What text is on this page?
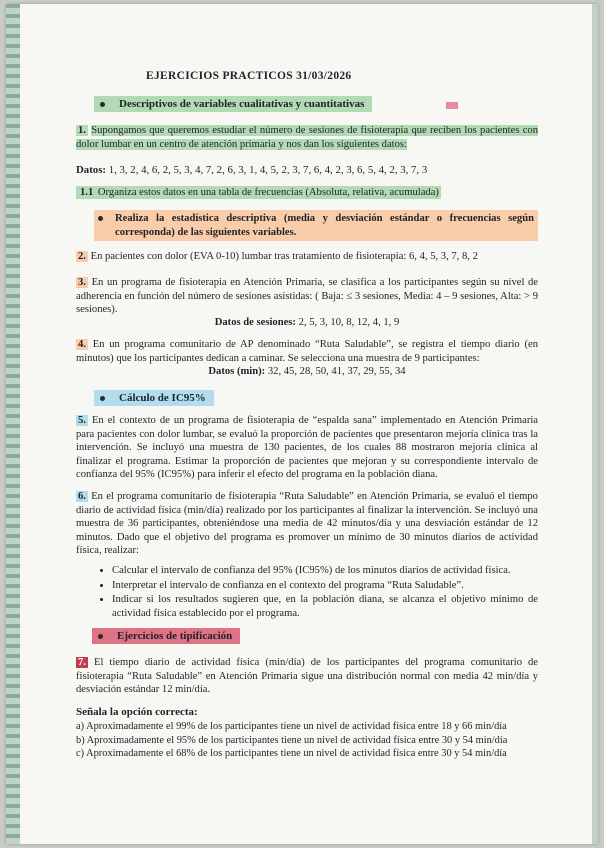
EJERCICIOS PRACTICOS 31/03/2026
Descriptivos de variables cualitativas y cuantitativas
1. Supongamos que queremos estudiar el número de sesiones de fisioterapia que reciben los pacientes con dolor lumbar en un centro de atención primaria y nos dan los siguientes datos:
Datos: 1, 3, 2, 4, 6, 2, 5, 3, 4, 7, 2, 6, 3, 1, 4, 5, 2, 3, 7, 6, 4, 2, 3, 6, 5, 4, 2, 3, 7, 3
1.1 Organiza estos datos en una tabla de frecuencias (Absoluta, relativa, acumulada)
Realiza la estadística descriptiva (media y desviación estándar o frecuencias según corresponda) de las siguientes variables.
2. En pacientes con dolor (EVA 0-10) lumbar tras tratamiento de fisioterapia: 6, 4, 5, 3, 7, 8, 2
3. En un programa de fisioterapia en Atención Primaria, se clasifica a los participantes según su nivel de adherencia en función del número de sesiones asistidas: ( Baja: ≤ 3 sesiones, Media: 4 – 9 sesiones, Alta: > 9 sesiones).
Datos de sesiones: 2, 5, 3, 10, 8, 12, 4, 1, 9
4. En un programa comunitario de AP denominado “Ruta Saludable”, se registra el tiempo diario (en minutos) que los participantes dedican a caminar. Se selecciona una muestra de 9 participantes:
Datos (min): 32, 45, 28, 50, 41, 37, 29, 55, 34
Cálculo de IC95%
5. En el contexto de un programa de fisioterapia de “espalda sana” implementado en Atención Primaria para pacientes con dolor lumbar, se evaluó la proporción de pacientes que presentaron mejoría clínica tras la intervención. Se incluyó una muestra de 130 pacientes, de los cuales 88 mostraron mejoría clínica al finalizar el programa. Estimar la proporción de pacientes que mejoran y su correspondiente intervalo de confianza del 95% (IC95%) para inferir el efecto del programa en la población diana.
6. En el programa comunitario de fisioterapia “Ruta Saludable” en Atención Primaria, se evaluó el tiempo diario de actividad física (min/día) realizado por los participantes al finalizar la intervención. Se incluyó una muestra de 36 participantes, obteniéndose una media de 42 minutos/día y una desviación estándar de 12 minutos. Dado que el objetivo del programa es promover un mínimo de 30 minutos diarios de actividad física, realizar:
• Calcular el intervalo de confianza del 95% (IC95%) de los minutos diarios de actividad física.
• Interpretar el intervalo de confianza en el contexto del programa “Ruta Saludable”.
• Indicar si los resultados sugieren que, en la población diana, se alcanza el objetivo mínimo de actividad física establecido por el programa.
Ejercicios de tipificación
7. El tiempo diario de actividad física (min/día) de los participantes del programa comunitario de fisioterapia “Ruta Saludable” en Atención Primaria sigue una distribución normal con media 42 min/día y desviación estándar 12 min/día.
Señala la opción correcta:
a) Aproximadamente el 99% de los participantes tiene un nivel de actividad física entre 18 y 66 min/día
b) Aproximadamente el 95% de los participantes tiene un nivel de actividad física entre 30 y 54 min/día
c) Aproximadamente el 68% de los participantes tiene un nivel de actividad física entre 30 y 54 min/día
